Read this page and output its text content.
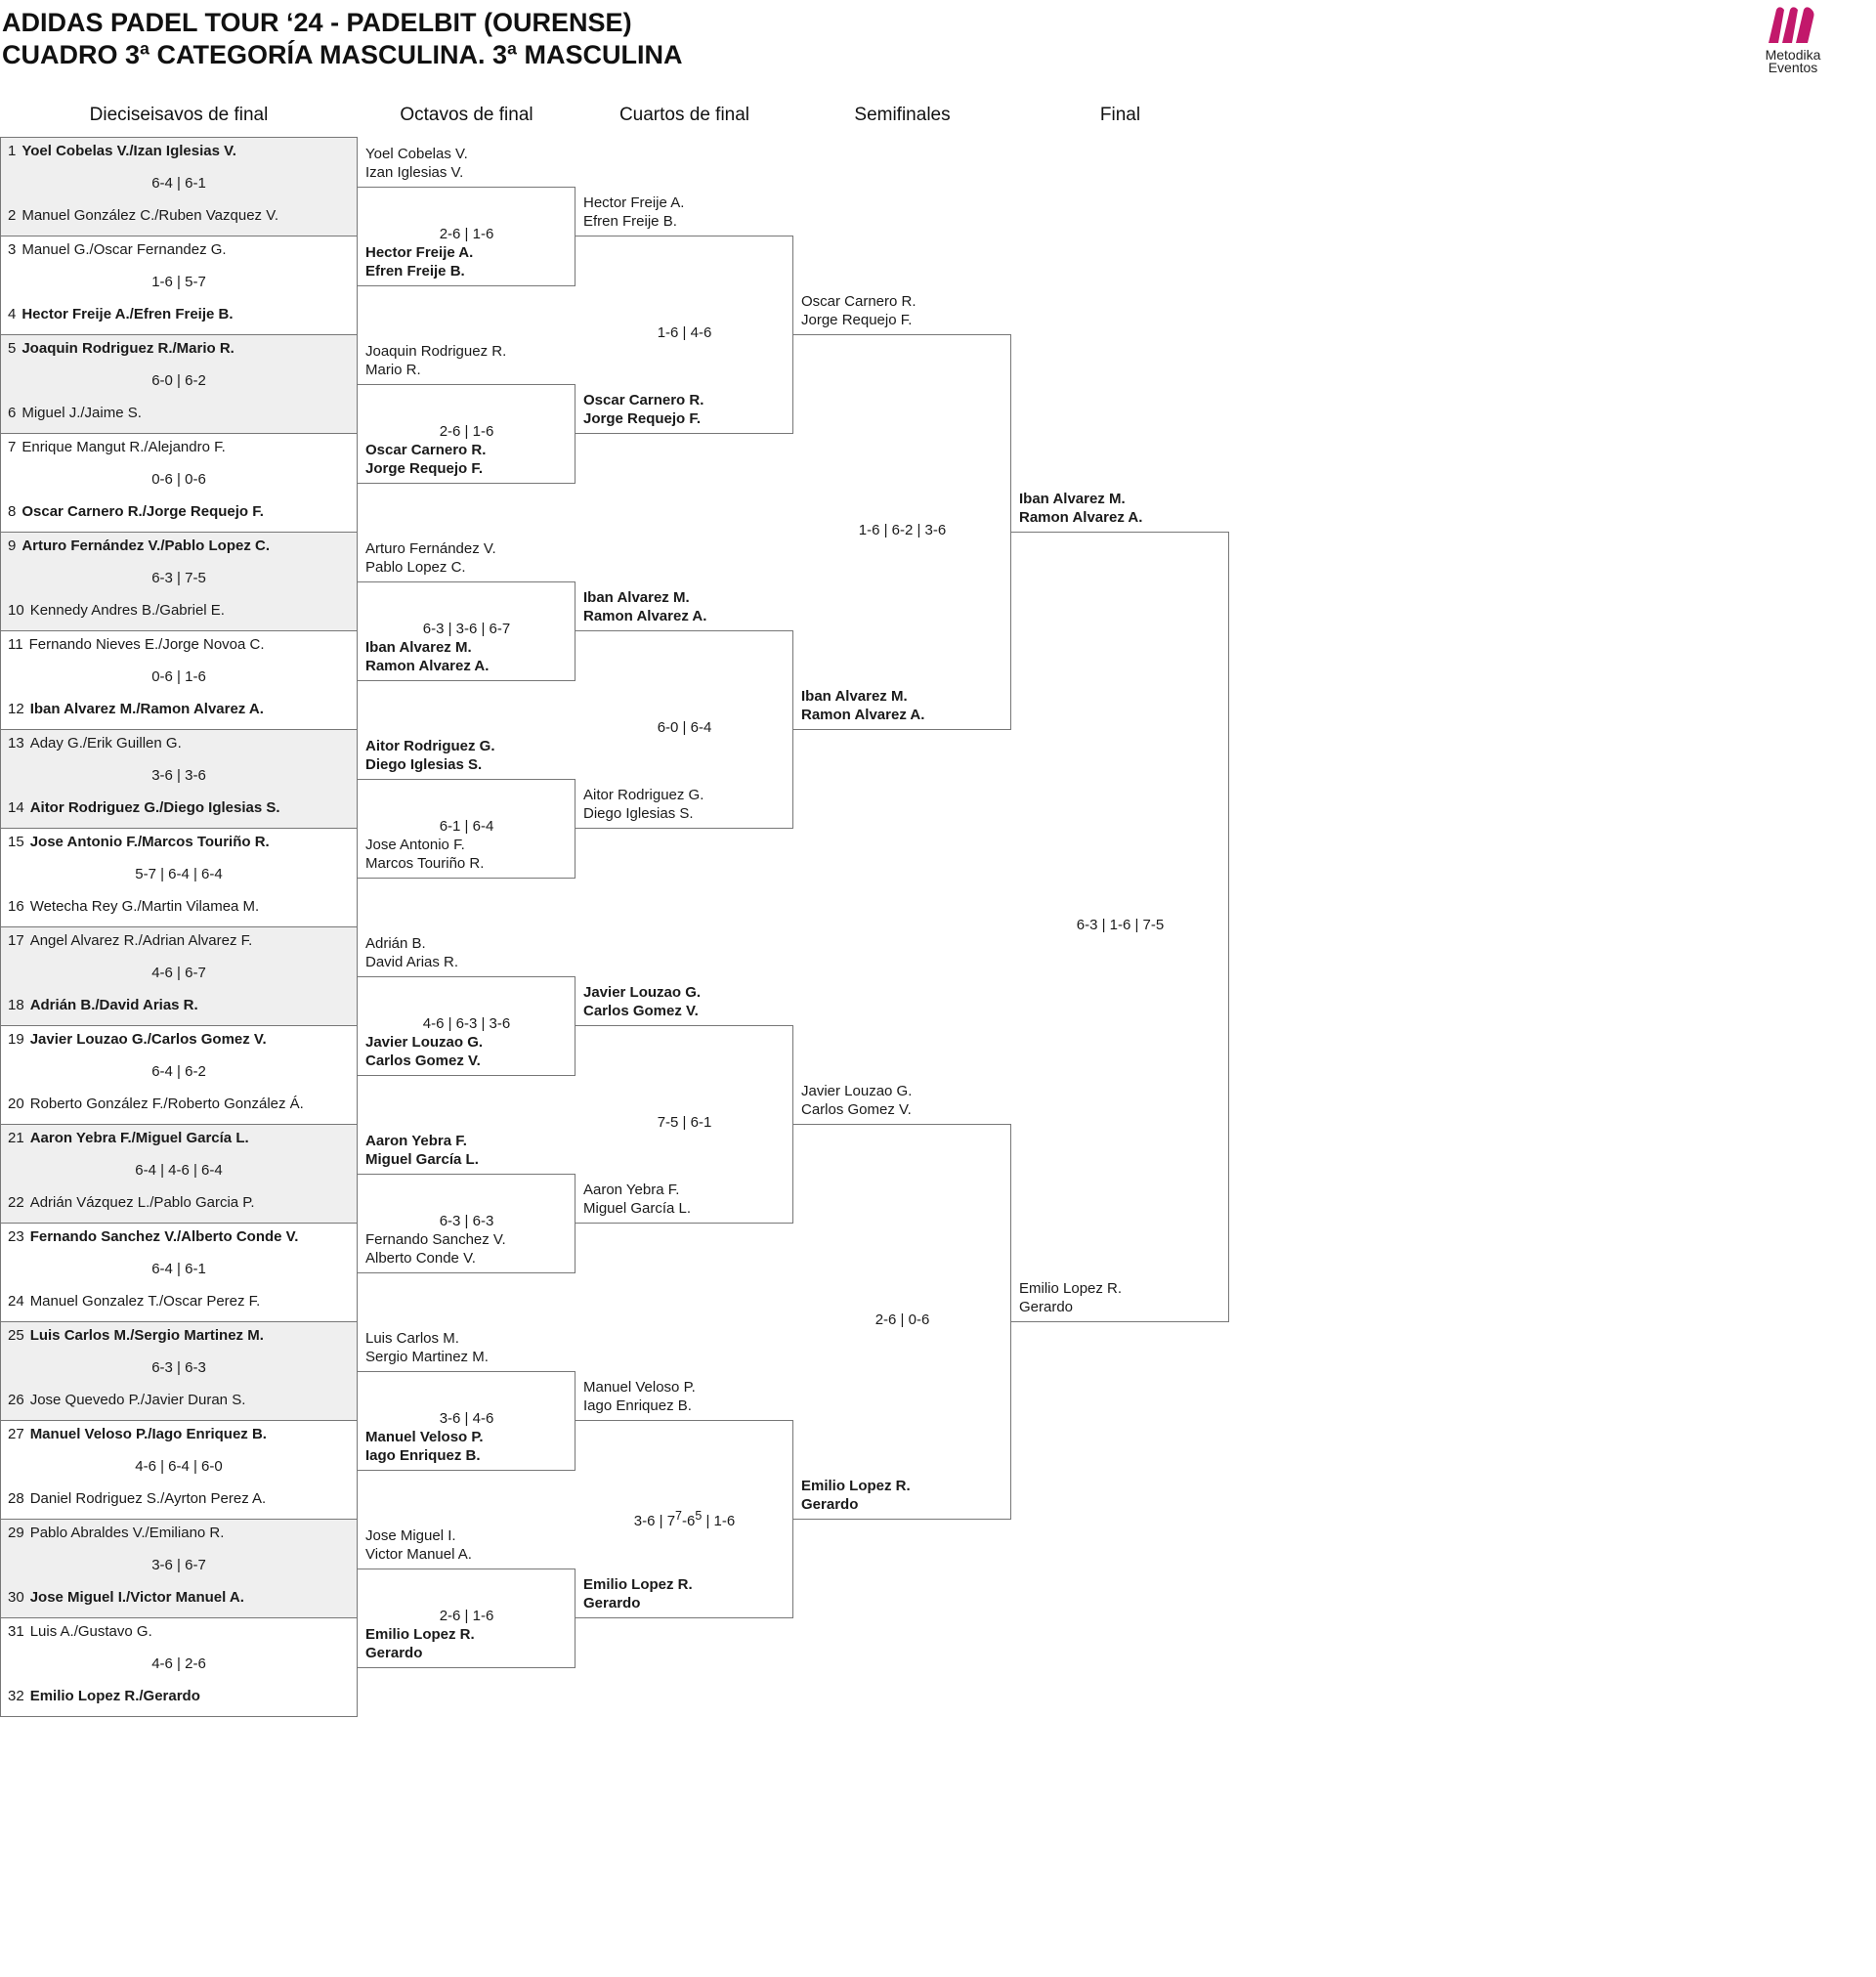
ADIDAS PADEL TOUR ‘24 - PADELBIT (OURENSE)
CUADRO 3ª CATEGORÍA MASCULINA. 3ª MASCULINA	Metodika
Eventos
Dieciseisavos de final	Octavos de final	Cuartos de final	Semifinales	Final
1 Yoel Cobelas V./Izan Iglesias V.
2 Manuel González C./Ruben Vazquez V.
6-4 | 6-1
3 Manuel G./Oscar Fernandez G.
4 Hector Freije A./Efren Freije B.
1-6 | 5-7
5 Joaquin Rodriguez R./Mario R.
6 Miguel J./Jaime S.
6-0 | 6-2
7 Enrique Mangut R./Alejandro F.
8 Oscar Carnero R./Jorge Requejo F.
0-6 | 0-6
9 Arturo Fernández V./Pablo Lopez C.
10 Kennedy Andres B./Gabriel E.
6-3 | 7-5
11 Fernando Nieves E./Jorge Novoa C.
12 Iban Alvarez M./Ramon Alvarez A.
0-6 | 1-6
13 Aday G./Erik Guillen G.
14 Aitor Rodriguez G./Diego Iglesias S.
3-6 | 3-6
15 Jose Antonio F./Marcos Touriño R.
16 Wetecha Rey G./Martin Vilamea M.
5-7 | 6-4 | 6-4
17 Angel Alvarez R./Adrian Alvarez F.
18 Adrián B./David Arias R.
4-6 | 6-7
19 Javier Louzao G./Carlos Gomez V.
20 Roberto González F./Roberto González Á.
6-4 | 6-2
21 Aaron Yebra F./Miguel García L.
22 Adrián Vázquez L./Pablo Garcia P.
6-4 | 4-6 | 6-4
23 Fernando Sanchez V./Alberto Conde V.
24 Manuel Gonzalez T./Oscar Perez F.
6-4 | 6-1
25 Luis Carlos M./Sergio Martinez M.
26 Jose Quevedo P./Javier Duran S.
6-3 | 6-3
27 Manuel Veloso P./Iago Enriquez B.
28 Daniel Rodriguez S./Ayrton Perez A.
4-6 | 6-4 | 6-0
29 Pablo Abraldes V./Emiliano R.
30 Jose Miguel I./Victor Manuel A.
3-6 | 6-7
31 Luis A./Gustavo G.
32 Emilio Lopez R./Gerardo
4-6 | 2-6
Yoel Cobelas V.
Izan Iglesias V.
Hector Freije A.
Efren Freije B.
2-6 | 1-6
Joaquin Rodriguez R.
Mario R.
Oscar Carnero R.
Jorge Requejo F.
2-6 | 1-6
Arturo Fernández V.
Pablo Lopez C.
Iban Alvarez M.
Ramon Alvarez A.
6-3 | 3-6 | 6-7
Aitor Rodriguez G.
Diego Iglesias S.
Jose Antonio F.
Marcos Touriño R.
6-1 | 6-4
Adrián B.
David Arias R.
Javier Louzao G.
Carlos Gomez V.
4-6 | 6-3 | 3-6
Aaron Yebra F.
Miguel García L.
Fernando Sanchez V.
Alberto Conde V.
6-3 | 6-3
Luis Carlos M.
Sergio Martinez M.
Manuel Veloso P.
Iago Enriquez B.
3-6 | 4-6
Jose Miguel I.
Victor Manuel A.
Emilio Lopez R.
Gerardo
2-6 | 1-6
Hector Freije A.
Efren Freije B.
Oscar Carnero R.
Jorge Requejo F.
1-6 | 4-6
Iban Alvarez M.
Ramon Alvarez A.
Aitor Rodriguez G.
Diego Iglesias S.
6-0 | 6-4
Javier Louzao G.
Carlos Gomez V.
Aaron Yebra F.
Miguel García L.
7-5 | 6-1
Manuel Veloso P.
Iago Enriquez B.
Emilio Lopez R.
Gerardo
3-6 | $7^7-6^5$ | 1-6
Oscar Carnero R.
Jorge Requejo F.
Iban Alvarez M.
Ramon Alvarez A.
1-6 | 6-2 | 3-6
Javier Louzao G.
Carlos Gomez V.
Emilio Lopez R.
Gerardo
2-6 | 0-6
Iban Alvarez M.
Ramon Alvarez A.
Emilio Lopez R.
Gerardo
6-3 | 1-6 | 7-5
